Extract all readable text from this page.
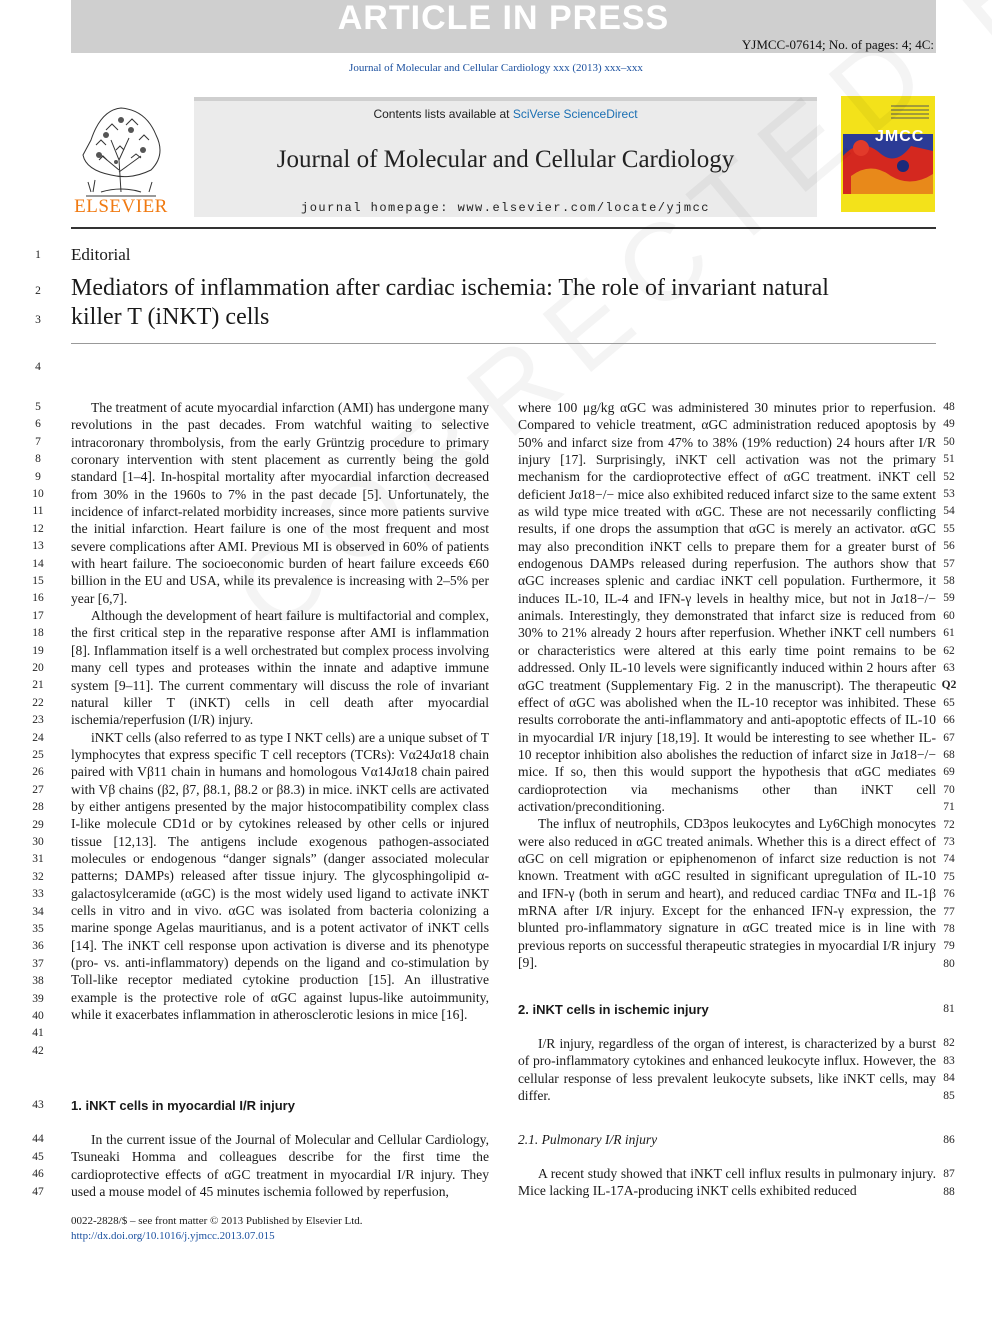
ARTICLE IN PRESS
YJMCC-07614; No. of pages: 4; 4C:
Journal of Molecular and Cellular Cardiology xxx (2013) xxx–xxx
ELSEVIER
Contents lists available at SciVerse ScienceDirect
Journal of Molecular and Cellular Cardiology
journal homepage: www.elsevier.com/locate/yjmcc
JMCC
Editorial
Mediators of inflammation after cardiac ischemia: The role of invariant natural killer T (iNKT) cells
1
2
3
4
5
6
7
8
9
10
11
12
13
14
15
16
17
18
19
20
21
22
23
24
25
26
27
28
29
30
31
32
33
34
35
36
37
38
39
40
41
42
43
44
45
46
47
48
49
50
51
52
53
54
55
56
57
58
59
60
61
62
63
Q2
65
66
67
68
69
70
71
72
73
74
75
76
77
78
79
80
81
82
83
84
85
86
87
88

The treatment of acute myocardial infarction (AMI) has undergone many revolutions in the past decades. From watchful waiting to selective intracoronary thrombolysis, from the early Grüntzig procedure to primary coronary intervention with stent placement as currently being the gold standard [1–4]. In-hospital mortality after myocardial infarction decreased from 30% in the 1960s to 7% in the past decade [5]. Unfortunately, the incidence of infarct-related morbidity increases, since more patients survive the initial infarction. Heart failure is one of the most frequent and most severe complications after AMI. Previous MI is observed in 60% of patients with heart failure. The socioeconomic burden of heart failure exceeds €60 billion in the EU and USA, while its prevalence is increasing with 2–5% per year [6,7].

Although the development of heart failure is multifactorial and complex, the first critical step in the reparative response after AMI is inflammation [8]. Inflammation itself is a well orchestrated but complex process involving many cell types and proteases within the innate and adaptive immune system [9–11]. The current commentary will discuss the role of invariant natural killer T (iNKT) cells in cell death after myocardial ischemia/reperfusion (I/R) injury.

iNKT cells (also referred to as type I NKT cells) are a unique subset of T lymphocytes that express specific T cell receptors (TCRs): Vα24Jα18 chain paired with Vβ11 chain in humans and homologous Vα14Jα18 chain paired with Vβ chains (β2, β7, β8.1, β8.2 or β8.3) in mice. iNKT cells are activated by either antigens presented by the major histocompatibility complex class I-like molecule CD1d or by cytokines released by other cells or injured tissue [12,13]. The antigens include exogenous pathogen-associated molecules or endogenous “danger signals” (danger associated molecular patterns; DAMPs) released after tissue injury. The glycosphingolipid α-galactosylceramide (αGC) is the most widely used ligand to activate iNKT cells in vitro and in vivo. αGC was isolated from bacteria colonizing a marine sponge Agelas mauritianus, and is a potent activator of iNKT cells [14]. The iNKT cell response upon activation is diverse and its phenotype (pro- vs. anti-inflammatory) depends on the ligand and co-stimulation by Toll-like receptor mediated cytokine production [15]. An illustrative example is the protective role of αGC against lupus-like autoimmunity, while it exacerbates inflammation in atherosclerotic lesions in mice [16].

1. iNKT cells in myocardial I/R injury

In the current issue of the Journal of Molecular and Cellular Cardiology, Tsuneaki Homma and colleagues describe for the first time the cardioprotective effects of αGC treatment in myocardial I/R injury. They used a mouse model of 45 minutes ischemia followed by reperfusion,

where 100 μg/kg αGC was administered 30 minutes prior to reperfusion. Compared to vehicle treatment, αGC administration reduced apoptosis by 50% and infarct size from 47% to 38% (19% reduction) 24 hours after I/R injury [17]. Surprisingly, iNKT cell activation was not the primary mechanism for the cardioprotective effect of αGC treatment. iNKT cell deficient Jα18−/− mice also exhibited reduced infarct size to the same extent as wild type mice treated with αGC. These are not necessarily conflicting results, if one drops the assumption that αGC is merely an activator. αGC may also precondition iNKT cells to prepare them for a greater burst of endogenous DAMPs released during reperfusion. The authors show that αGC increases splenic and cardiac iNKT cell population. Furthermore, it induces IL-10, IL-4 and IFN-γ levels in healthy mice, but not in Jα18−/− animals. Interestingly, they demonstrated that infarct size is reduced from 30% to 21% already 2 hours after reperfusion. Whether iNKT cell numbers or characteristics were altered at this early time point remains to be addressed. Only IL-10 levels were significantly induced within 2 hours after αGC treatment (Supplementary Fig. 2 in the manuscript). The therapeutic effect of αGC was abolished when the IL-10 receptor was inhibited. These results corroborate the anti-inflammatory and anti-apoptotic effects of IL-10 in myocardial I/R injury [18,19]. It would be interesting to see whether IL-10 receptor inhibition also abolishes the reduction of infarct size in Jα18−/− mice. If so, then this would support the hypothesis that αGC mediates cardioprotection via mechanisms other than iNKT cell activation/preconditioning.

The influx of neutrophils, CD3pos leukocytes and Ly6Chigh monocytes were also reduced in αGC treated animals. Whether this is a direct effect of αGC on cell migration or epiphenomenon of infarct size reduction is not known. Treatment with αGC resulted in significant upregulation of IL-10 and IFN-γ (both in serum and heart), and reduced cardiac TNFα and IL-1β mRNA after I/R injury. Except for the enhanced IFN-γ expression, the blunted pro-inflammatory signature in αGC treated mice is in line with previous reports on successful therapeutic strategies in myocardial I/R injury [9].

2. iNKT cells in ischemic injury

I/R injury, regardless of the organ of interest, is characterized by a burst of pro-inflammatory cytokines and enhanced leukocyte influx. However, the cellular response of less prevalent leukocyte subsets, like iNKT cells, may differ.

2.1. Pulmonary I/R injury

A recent study showed that iNKT cell influx results in pulmonary injury. Mice lacking IL-17A-producing iNKT cells exhibited reduced

0022-2828/$ – see front matter © 2013 Published by Elsevier Ltd.
http://dx.doi.org/10.1016/j.yjmcc.2013.07.015
